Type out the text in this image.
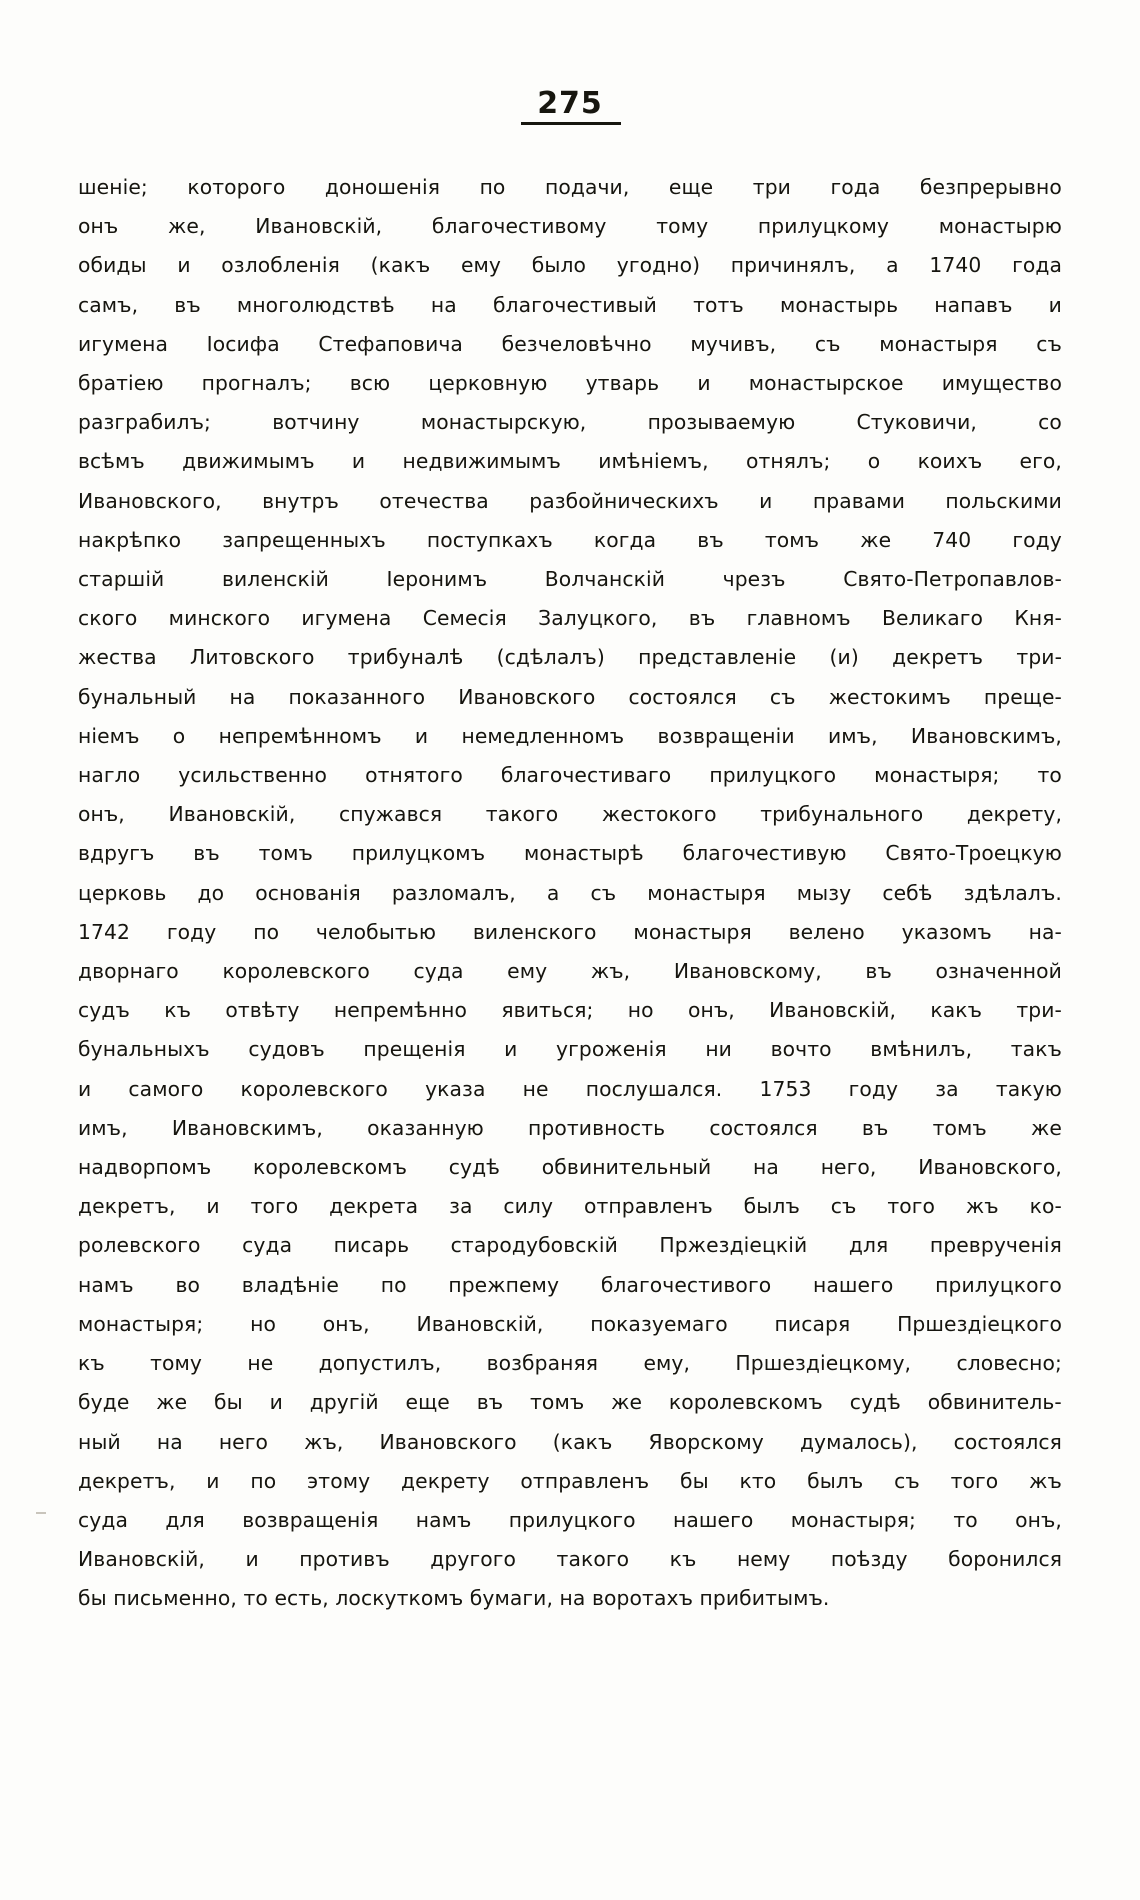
275
шеніе; которого доношенія по подачи, еще три года безпрерывно
онъ же, Ивановскій, благочестивому тому прилуцкому монастырю
обиды и озлобленія (какъ ему было угодно) причинялъ, а 1740 года
самъ, въ многолюдствѣ на благочестивый тотъ монастырь напавъ и
игумена Іосифа Стефаповича безчеловѣчно мучивъ, съ монастыря съ
братіею прогналъ; всю церковную утварь и монастырское имущество
разграбилъ;	вотчину	монастырскую,	прозываемую	Стуковичи,	со
всѣмъ движимымъ и недвижимымъ имѣніемъ, отнялъ; о коихъ его,
Ивановского, внутръ отечества разбойническихъ и правами польскими
накрѣпко запрещенныхъ поступкахъ когда въ томъ же 740 году
старшій	виленскій	Іеронимъ	Волчанскій	чрезъ	Свято-Петропавлов-
ского минского игумена Семесія Залуцкого, въ главномъ Великаго Кня-
жества Литовского трибуналѣ (сдѣлалъ) представленіе (и) декретъ три-
бунальный на показанного Ивановского состоялся съ жестокимъ прещe-
ніемъ о непремѣнномъ и немедленномъ возвращеніи имъ, Ивановскимъ,
нагло усильственно отнятого благочестиваго прилуцкого монастыря; то
онъ, Ивановскій, спужався такого жестокого трибунального декрету,
вдругъ въ томъ прилуцкомъ монастырѣ благочестивую Свято-Троецкую
церковь до основанія разломалъ, а съ монастыря мызу себѣ здѣлалъ.
1742 году по челобытью виленского монастыря велено указомъ на-
дворнаго королевского суда ему жъ, Ивановскому, въ означенной
судъ къ отвѣту непремѣнно явиться; но онъ, Ивановскій, какъ три-
бунальныхъ судовъ прещенія и угроженія ни вочто вмѣнилъ, такъ
и самого королевского указа не послушался. 1753 году за такую
имъ, Ивановскимъ, оказанную противность состоялся въ томъ же
надворпомъ королевскомъ судѣ обвинительный на него, Ивановского,
декретъ, и того декрета за силу отправленъ былъ съ того жъ ко-
ролевского суда писарь стародубовскій Пржездіецкій для преврученія
намъ во владѣніе по прежпему благочестивого нашего прилуцкого
монастыря; но онъ, Ивановскій, показуемаго писаря Пршездіецкого
къ тому не допустилъ, возбраняя ему, Пршездіецкому, словесно;
буде же бы и другій еще въ томъ же королевскомъ судѣ обвинитель-
ный на него жъ, Ивановского (какъ Яворскому думалось), состоялся
декретъ, и по этому декрету отправленъ бы кто былъ съ того жъ
суда для возвращенія намъ прилуцкого нашего монастыря; то онъ,
Ивановскій, и противъ другого такого къ нему поѣзду боронился
бы письменно, то есть, лоскуткомъ бумаги, на воротахъ прибитымъ.
